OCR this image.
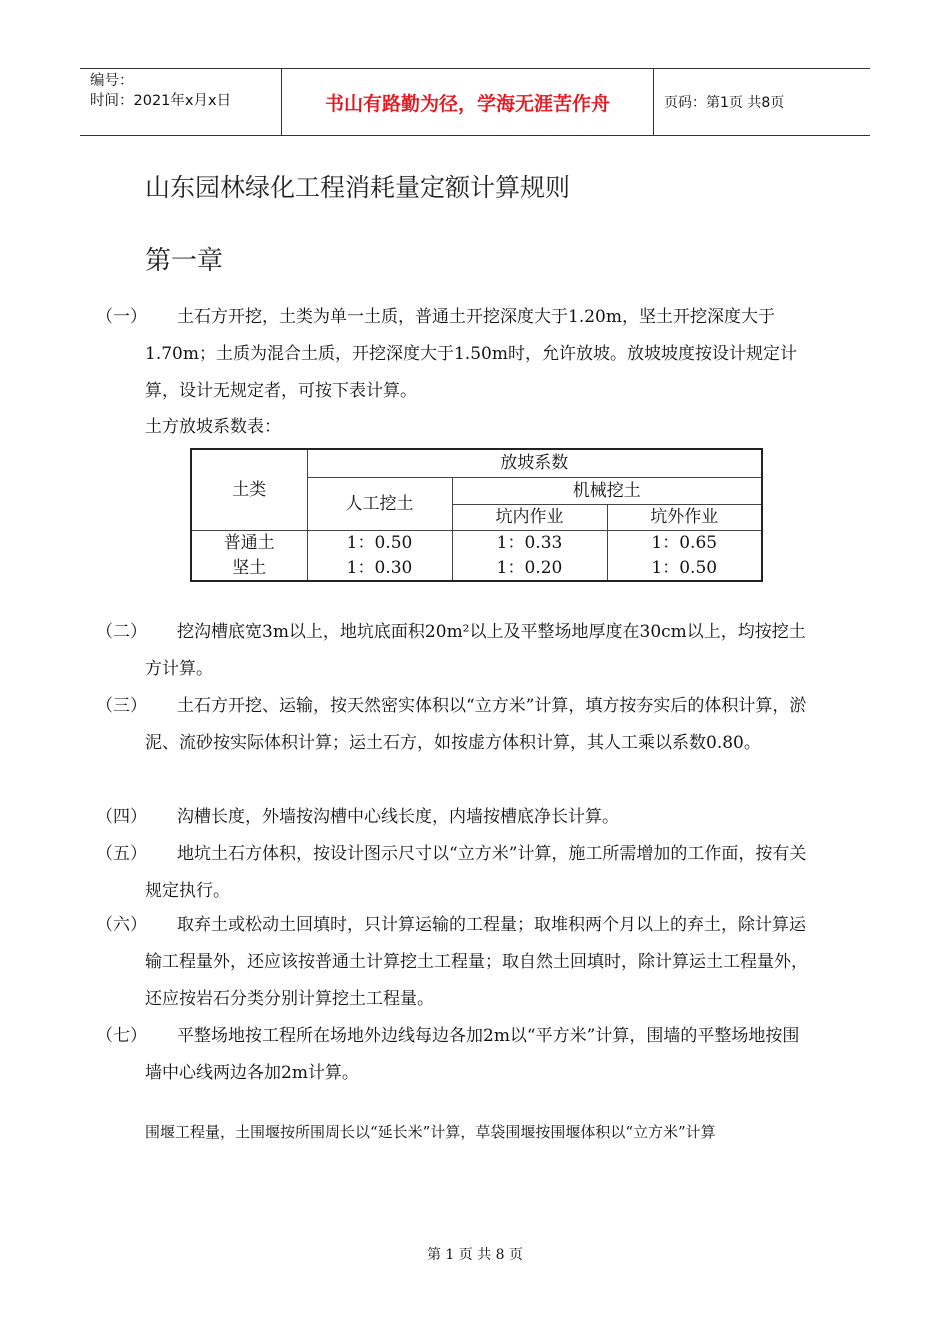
编号：
时间：2021年x月x日	书山有路勤为径，学海无涯苦作舟	页码：第1页 共8页
山东园林绿化工程消耗量定额计算规则
第一章
（一）	土石方开挖，土类为单一土质，普通土开挖深度大于1.20m，坚土开挖深度大于1.70m；土质为混合土质，开挖深度大于1.50m时，允许放坡。放坡坡度按设计规定计算，设计无规定者，可按下表计算。
土方放坡系数表：
土类	放坡系数		
	人工挖土	机械挖土	
		坑内作业	坑外作业
普通土	1：0.50	1：0.33	1：0.65
坚土	1：0.30	1：0.20	1：0.50
（二）	挖沟槽底宽3m以上，地坑底面积20m²以上及平整场地厚度在30cm以上，均按挖土方计算。
（三）	土石方开挖、运输，按天然密实体积以“立方米”计算，填方按夯实后的体积计算，淤泥、流砂按实际体积计算；运土石方，如按虚方体积计算，其人工乘以系数0.80。
（四）	沟槽长度，外墙按沟槽中心线长度，内墙按槽底净长计算。
（五）	地坑土石方体积，按设计图示尺寸以“立方米”计算，施工所需增加的工作面，按有关规定执行。
（六）	取弃土或松动土回填时，只计算运输的工程量；取堆积两个月以上的弃土，除计算运输工程量外，还应该按普通土计算挖土工程量；取自然土回填时，除计算运土工程量外，还应按岩石分类分别计算挖土工程量。
（七）	平整场地按工程所在场地外边线每边各加2m以“平方米”计算，围墙的平整场地按围墙中心线两边各加2m计算。
围堰工程量，土围堰按所围周长以“延长米”计算，草袋围堰按围堰体积以“立方米”计算
第 1 页 共 8 页
